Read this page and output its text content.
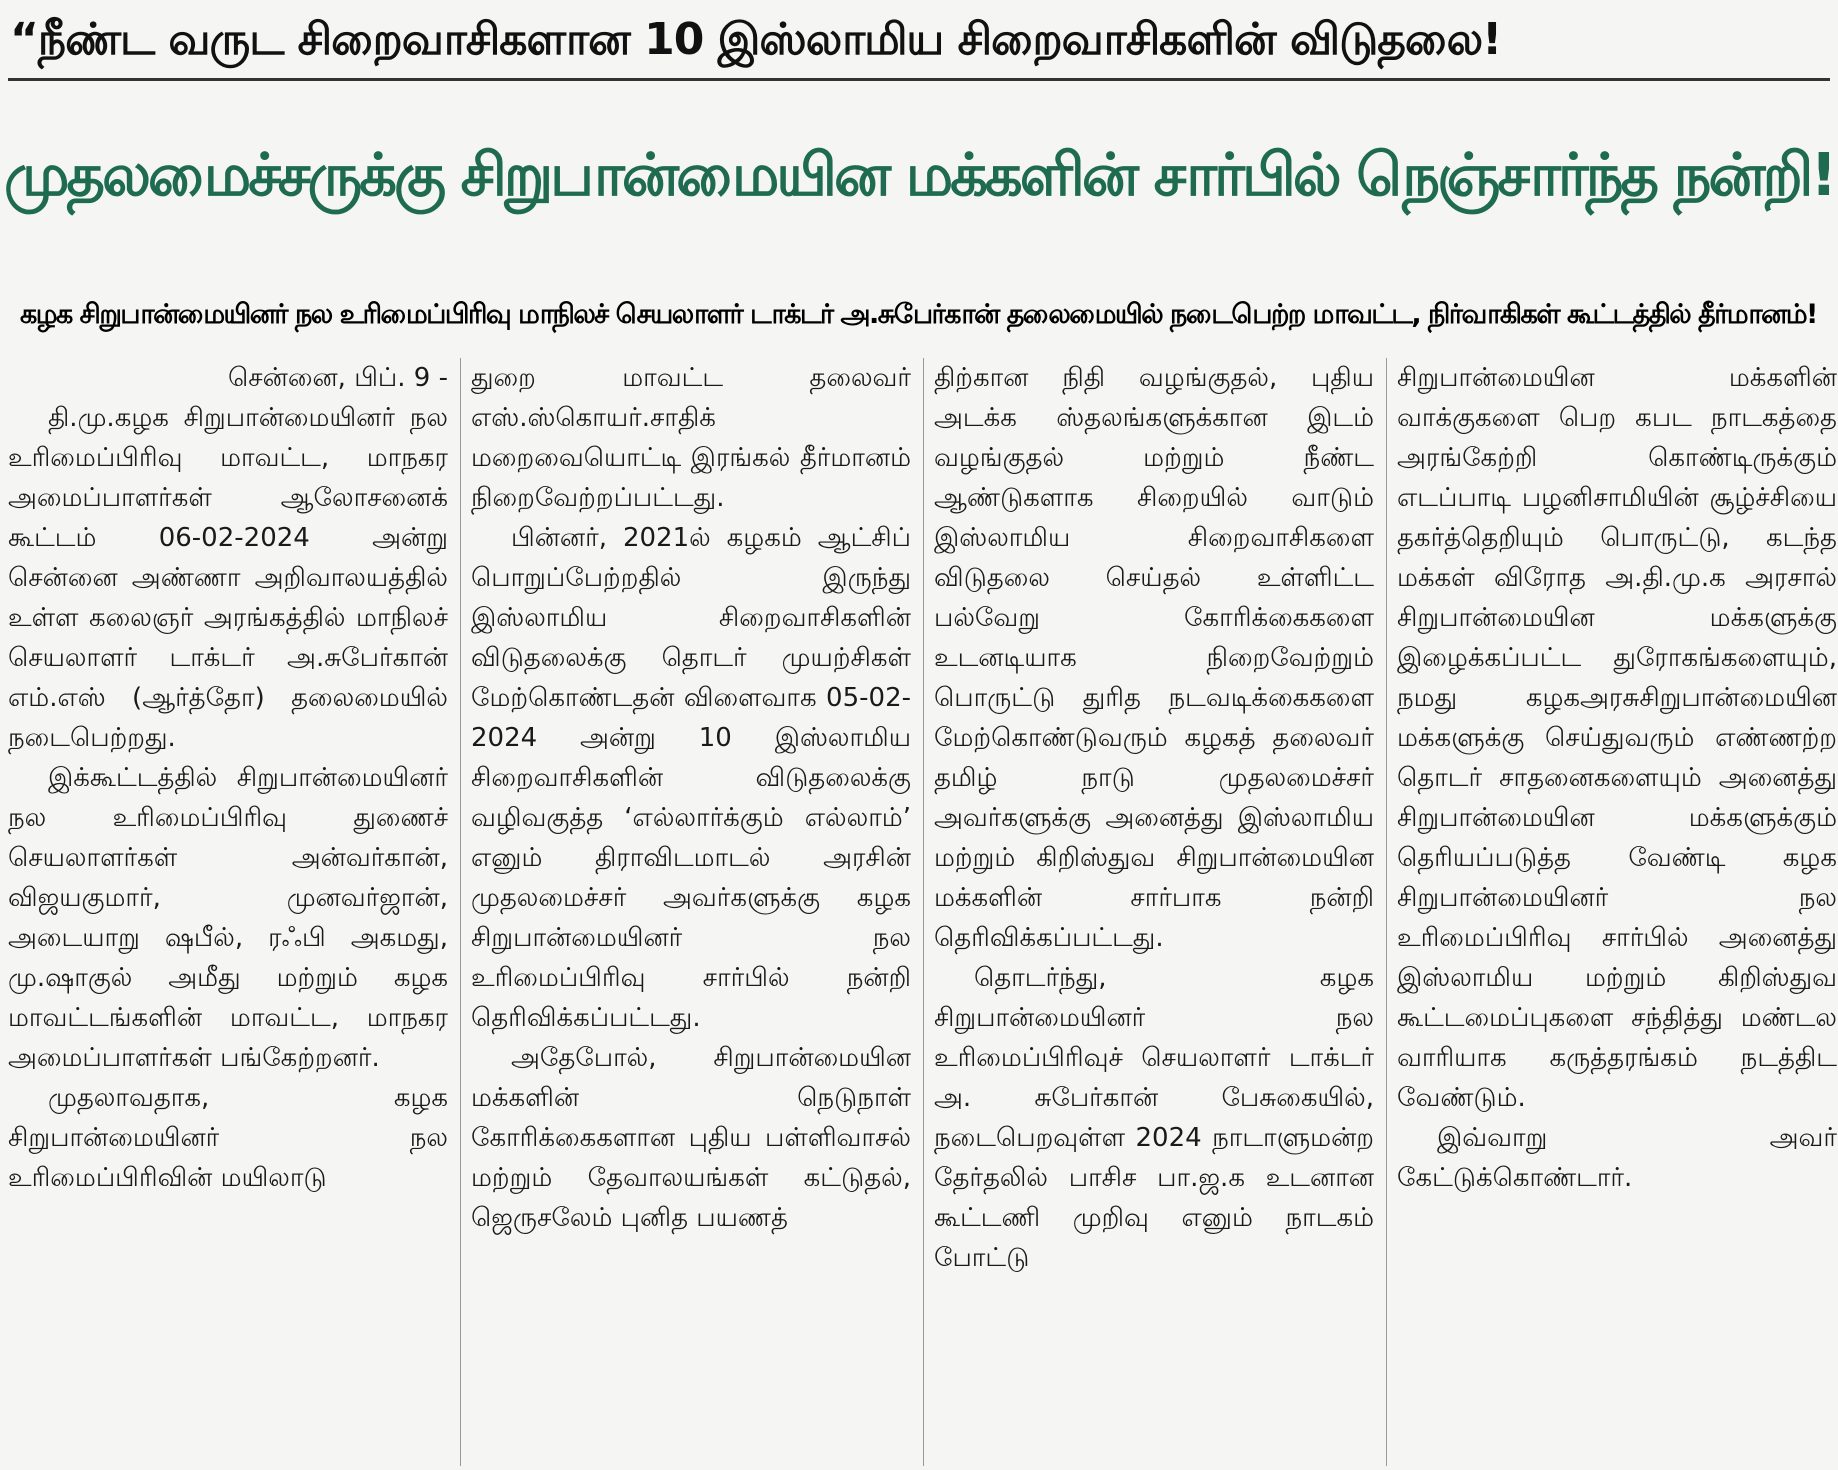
“நீண்ட வருட சிறைவாசிகளான 10 இஸ்லாமிய சிறைவாசிகளின் விடுதலை!
முதலமைச்சருக்கு சிறுபான்மையின மக்களின் சார்பில் நெஞ்சார்ந்த நன்றி!
கழக சிறுபான்மையினர் நல உரிமைப்பிரிவு மாநிலச் செயலாளர் டாக்டர் அ.சுபேர்கான் தலைமையில் நடைபெற்ற மாவட்ட, நிர்வாகிகள் கூட்டத்தில் தீர்மானம்!

சென்னை, பிப். 9 -

தி.மு.கழக சிறுபான்மையினர் நல உரிமைப்பிரிவு மாவட்ட, மாநகர அமைப்பாளர்கள் ஆலோசனைக் கூட்டம் 06-02-2024 அன்று சென்னை அண்ணா அறிவாலயத்தில் உள்ள கலைஞர் அரங்கத்தில் மாநிலச் செயலாளர் டாக்டர் அ.சுபேர்கான் எம்.எஸ் (ஆர்த்தோ) தலைமையில் நடைபெற்றது.

இக்கூட்டத்தில் சிறுபான்மையினர் நல உரிமைப்பிரிவு துணைச் செயலாளர்கள் அன்வர்கான், விஜயகுமார், முனவர்ஜான், அடையாறு ஷபீல், ரஃபி அகமது, மு.ஷாகுல் அமீது மற்றும் கழக மாவட்டங்களின் மாவட்ட, மாநகர அமைப்பாளர்கள் பங்கேற்றனர்.

முதலாவதாக, கழக சிறுபான்மையினர் நல உரிமைப்பிரிவின் மயிலாடு

துறை மாவட்ட தலைவர் எஸ்.ஸ்கொயர்.சாதிக் மறைவையொட்டி இரங்கல் தீர்மானம் நிறைவேற்றப்பட்டது.

பின்னர், 2021ல் கழகம் ஆட்சிப் பொறுப்பேற்றதில் இருந்து இஸ்லாமிய சிறைவாசிகளின் விடுதலைக்கு தொடர் முயற்சிகள் மேற்கொண்டதன் விளைவாக 05-02-2024 அன்று 10 இஸ்லாமிய சிறைவாசிகளின் விடுதலைக்கு வழிவகுத்த ‘எல்லார்க்கும் எல்லாம்’ எனும் திராவிடமாடல் அரசின் முதலமைச்சர் அவர்களுக்கு கழக சிறுபான்மையினர் நல உரிமைப்பிரிவு சார்பில் நன்றி தெரிவிக்கப்பட்டது.

அதேபோல், சிறுபான்மையின மக்களின் நெடுநாள் கோரிக்கைகளான புதிய பள்ளிவாசல் மற்றும் தேவாலயங்கள் கட்டுதல், ஜெருசலேம் புனித பயணத்

திற்கான நிதி வழங்குதல், புதிய அடக்க ஸ்தலங்களுக்கான இடம் வழங்குதல் மற்றும் நீண்ட ஆண்டுகளாக சிறையில் வாடும் இஸ்லாமிய சிறைவாசிகளை விடுதலை செய்தல் உள்ளிட்ட பல்வேறு கோரிக்கைகளை உடனடியாக நிறைவேற்றும் பொருட்டு துரித நடவடிக்கைகளை மேற்கொண்டுவரும் கழகத் தலைவர் தமிழ் நாடு முதலமைச்சர் அவர்களுக்கு அனைத்து இஸ்லாமிய மற்றும் கிறிஸ்துவ சிறுபான்மையின மக்களின் சார்பாக நன்றி தெரிவிக்கப்பட்டது.

தொடர்ந்து, கழக சிறுபான்மையினர் நல உரிமைப்பிரிவுச் செயலாளர் டாக்டர் அ. சுபேர்கான் பேசுகையில், நடைபெறவுள்ள 2024 நாடாளுமன்ற தேர்தலில் பாசிச பா.ஜ.க உடனான கூட்டணி முறிவு எனும் நாடகம் போட்டு

சிறுபான்மையின மக்களின் வாக்குகளை பெற கபட நாடகத்தை அரங்கேற்றி கொண்டிருக்கும் எடப்பாடி பழனிசாமியின் சூழ்ச்சியை தகர்த்தெறியும் பொருட்டு, கடந்த மக்கள் விரோத அ.தி.மு.க அரசால் சிறுபான்மையின மக்களுக்கு இழைக்கப்பட்ட துரோகங்களையும், நமது கழகஅரசுசிறுபான்மையின மக்களுக்கு செய்துவரும் எண்ணற்ற தொடர் சாதனைகளையும் அனைத்து சிறுபான்மையின மக்களுக்கும் தெரியப்படுத்த வேண்டி கழக சிறுபான்மையினர் நல உரிமைப்பிரிவு சார்பில் அனைத்து இஸ்லாமிய மற்றும் கிறிஸ்துவ கூட்டமைப்புகளை சந்தித்து மண்டல வாரியாக கருத்தரங்கம் நடத்திட வேண்டும்.

இவ்வாறு அவர் கேட்டுக்கொண்டார்.
